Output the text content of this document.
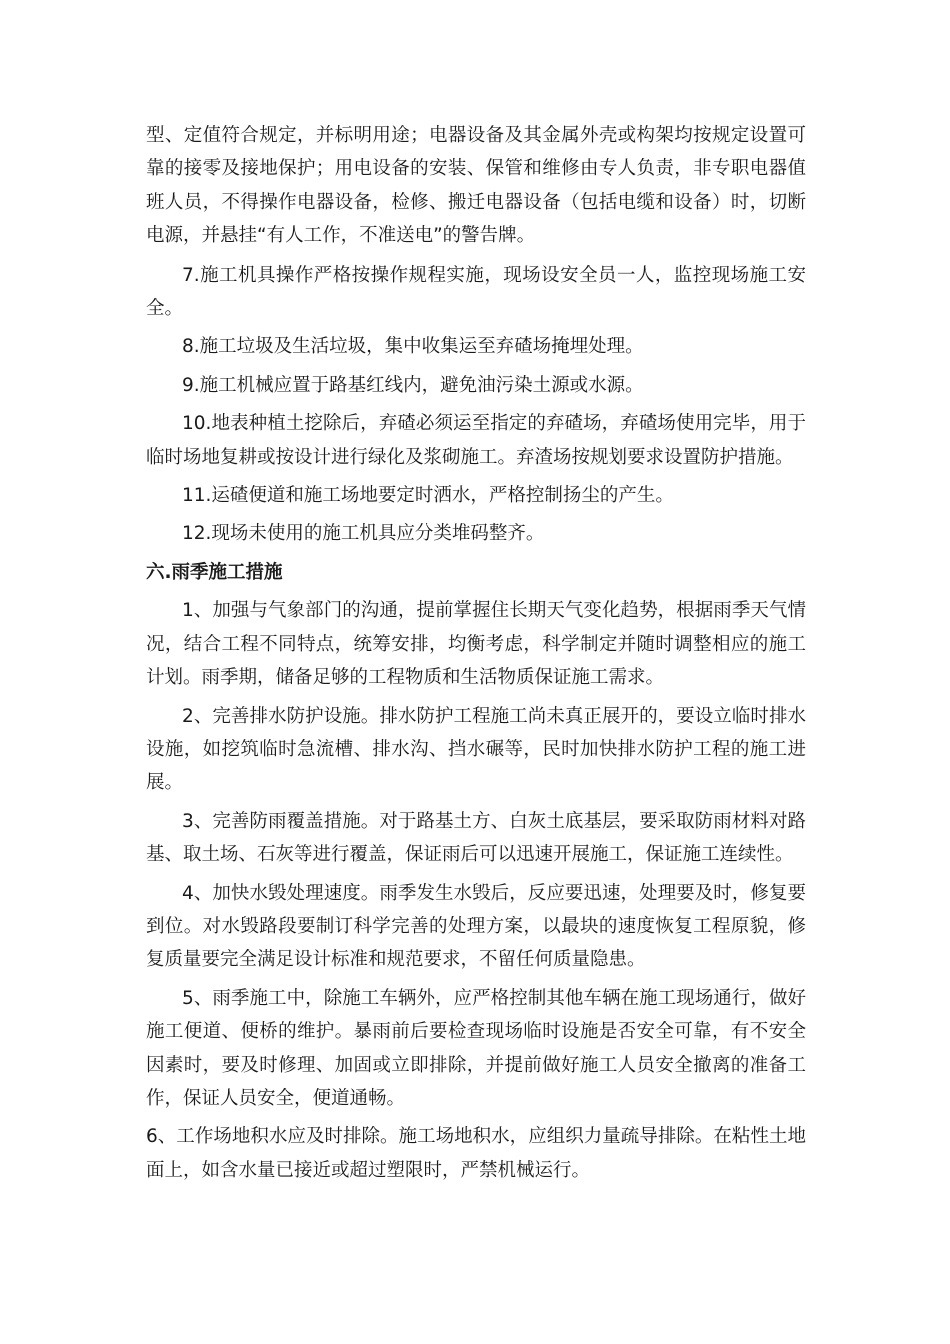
型、定值符合规定，并标明用途；电器设备及其金属外壳或构架均按规定设置可靠的接零及接地保护；用电设备的安装、保管和维修由专人负责，非专职电器值班人员，不得操作电器设备，检修、搬迁电器设备（包括电缆和设备）时，切断电源，并悬挂“有人工作，不准送电”的警告牌。

7.施工机具操作严格按操作规程实施，现场设安全员一人，监控现场施工安全。

8.施工垃圾及生活垃圾，集中收集运至弃碴场掩埋处理。

9.施工机械应置于路基红线内，避免油污染土源或水源。

10.地表种植土挖除后，弃碴必须运至指定的弃碴场，弃碴场使用完毕，用于临时场地复耕或按设计进行绿化及浆砌施工。弃渣场按规划要求设置防护措施。

11.运碴便道和施工场地要定时洒水，严格控制扬尘的产生。

12.现场未使用的施工机具应分类堆码整齐。

六.雨季施工措施

1、加强与气象部门的沟通，提前掌握住长期天气变化趋势，根据雨季天气情况，结合工程不同特点，统筹安排，均衡考虑，科学制定并随时调整相应的施工计划。雨季期，储备足够的工程物质和生活物质保证施工需求。

2、完善排水防护设施。排水防护工程施工尚未真正展开的，要设立临时排水设施，如挖筑临时急流槽、排水沟、挡水碾等，民时加快排水防护工程的施工进展。

3、完善防雨覆盖措施。对于路基土方、白灰土底基层，要采取防雨材料对路基、取土场、石灰等进行覆盖，保证雨后可以迅速开展施工，保证施工连续性。

4、加快水毁处理速度。雨季发生水毁后，反应要迅速，处理要及时，修复要到位。对水毁路段要制订科学完善的处理方案，以最块的速度恢复工程原貌，修复质量要完全满足设计标准和规范要求，不留任何质量隐患。

5、雨季施工中，除施工车辆外，应严格控制其他车辆在施工现场通行，做好施工便道、便桥的维护。暴雨前后要检查现场临时设施是否安全可靠，有不安全因素时，要及时修理、加固或立即排除，并提前做好施工人员安全撤离的准备工作，保证人员安全，便道通畅。

6、工作场地积水应及时排除。施工场地积水，应组织力量疏导排除。在粘性土地面上，如含水量已接近或超过塑限时，严禁机械运行。
